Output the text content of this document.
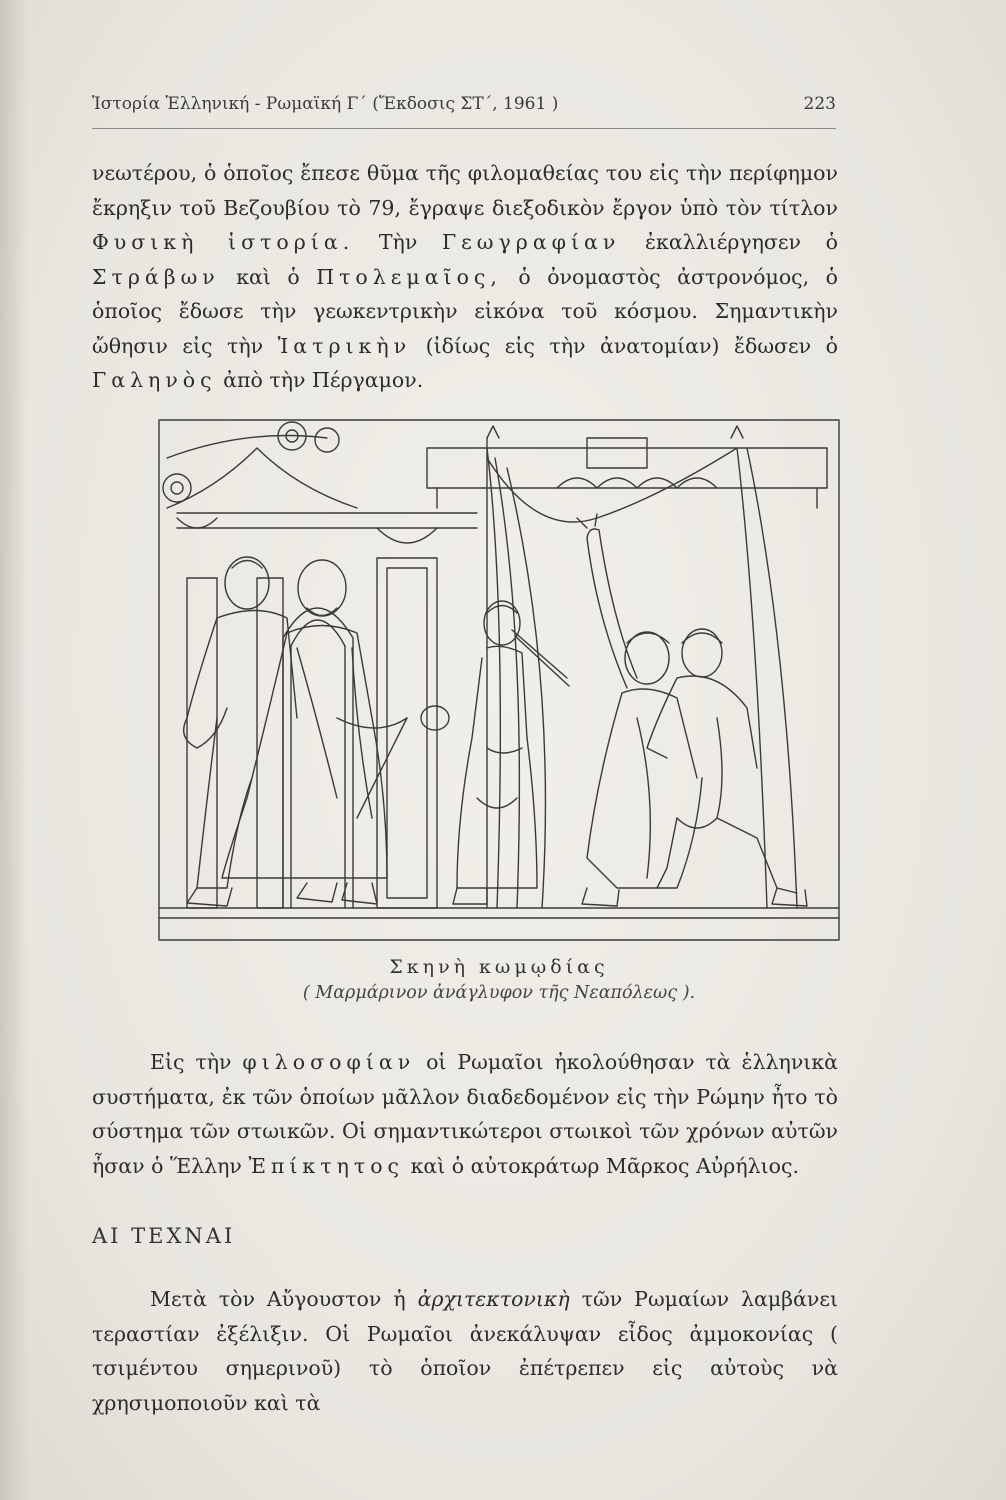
Ἱστορία Ἑλληνική - Ρωμαϊκή Γ΄ (Ἔκδοσις ΣΤ΄, 1961 )	223

νεωτέρου, ὁ ὁποῖος ἔπεσε θῦμα τῆς φιλομαθείας του εἰς τὴν περίφημον ἔκρηξιν τοῦ Βεζουβίου τὸ 79, ἔγραψε διεξοδικὸν ἔργον ὑπὸ τὸν τίτλον Φυσικὴ ἱστορία. Τὴν Γεωγραφίαν ἐκαλλιέργησεν ὁ Στράβων καὶ ὁ Πτολεμαῖος, ὁ ὀνομαστὸς ἀστρονόμος, ὁ ὁποῖος ἔδωσε τὴν γεωκεντρικὴν εἰκόνα τοῦ κόσμου. Σημαντικὴν ὤθησιν εἰς τὴν Ἰατρικὴν (ἰδίως εἰς τὴν ἀνατομίαν) ἔδωσεν ὁ Γαληνὸς ἀπὸ τὴν Πέργαμον.

Σκηνὴ κωμῳδίας
( Μαρμάρινον ἀνάγλυφον τῆς Νεαπόλεως ).

Εἰς τὴν φιλοσοφίαν οἱ Ρωμαῖοι ἠκολούθησαν τὰ ἑλληνικὰ συστήματα, ἐκ τῶν ὁποίων μᾶλλον διαδεδομένον εἰς τὴν Ρώμην ἦτο τὸ σύστημα τῶν στωικῶν. Οἱ σημαντικώτεροι στωικοὶ τῶν χρόνων αὐτῶν ἦσαν ὁ Ἕλλην Ἐπίκτητος καὶ ὁ αὐτοκράτωρ Μᾶρκος Αὐρήλιος.

ΑΙ ΤΕΧΝΑΙ

Μετὰ τὸν Αὔγουστον ἡ ἀρχιτεκτονικὴ τῶν Ρωμαίων λαμβάνει τεραστίαν ἐξέλιξιν. Οἱ Ρωμαῖοι ἀνεκάλυψαν εἶδος ἀμμοκονίας ( τσιμέντου σημερινοῦ) τὸ ὁποῖον ἐπέτρεπεν εἰς αὐτοὺς νὰ χρησιμοποιοῦν καὶ τὰ
